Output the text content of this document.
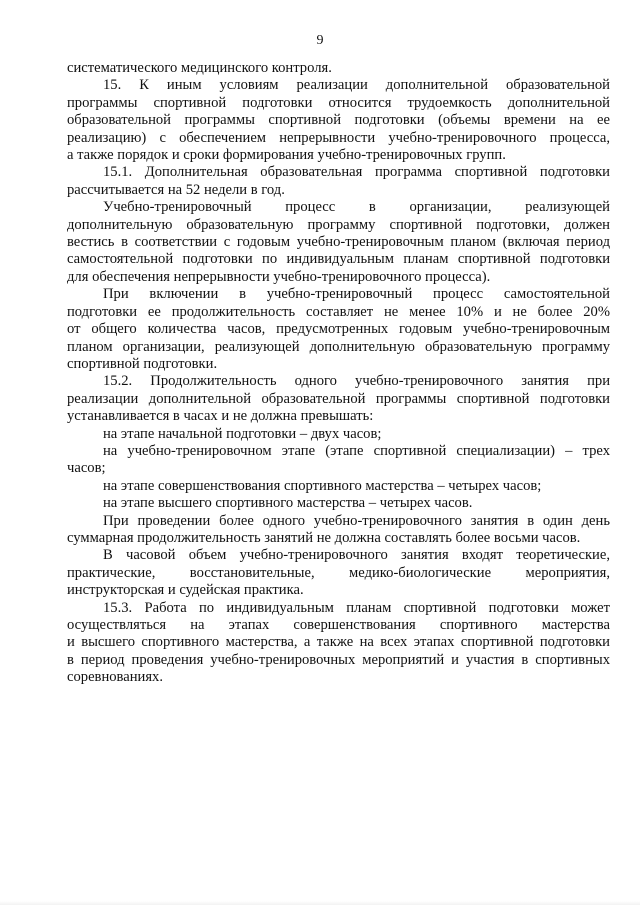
9
систематического медицинского контроля.
15. К иным условиям реализации дополнительной образовательной
программы спортивной подготовки относится трудоемкость дополнительной
образовательной программы спортивной подготовки (объемы времени на ее
реализацию) с обеспечением непрерывности учебно-тренировочного процесса,
а также порядок и сроки формирования учебно-тренировочных групп.
15.1. Дополнительная образовательная программа спортивной подготовки
рассчитывается на 52 недели в год.
Учебно-тренировочный процесс в организации, реализующей
дополнительную образовательную программу спортивной подготовки, должен
вестись в соответствии с годовым учебно-тренировочным планом (включая период
самостоятельной подготовки по индивидуальным планам спортивной подготовки
для обеспечения непрерывности учебно-тренировочного процесса).
При включении в учебно-тренировочный процесс самостоятельной
подготовки ее продолжительность составляет не менее 10% и не более 20%
от общего количества часов, предусмотренных годовым учебно-тренировочным
планом организации, реализующей дополнительную образовательную программу
спортивной подготовки.
15.2. Продолжительность одного учебно-тренировочного занятия при
реализации дополнительной образовательной программы спортивной подготовки
устанавливается в часах и не должна превышать:
на этапе начальной подготовки – двух часов;
на учебно-тренировочном этапе (этапе спортивной специализации) – трех
часов;
на этапе совершенствования спортивного мастерства – четырех часов;
на этапе высшего спортивного мастерства – четырех часов.
При проведении более одного учебно-тренировочного занятия в один день
суммарная продолжительность занятий не должна составлять более восьми часов.
В часовой объем учебно-тренировочного занятия входят теоретические,
практические, восстановительные, медико-биологические мероприятия,
инструкторская и судейская практика.
15.3. Работа по индивидуальным планам спортивной подготовки может
осуществляться на этапах совершенствования спортивного мастерства
и высшего спортивного мастерства, а также на всех этапах спортивной подготовки
в период проведения учебно-тренировочных мероприятий и участия в спортивных
соревнованиях.
